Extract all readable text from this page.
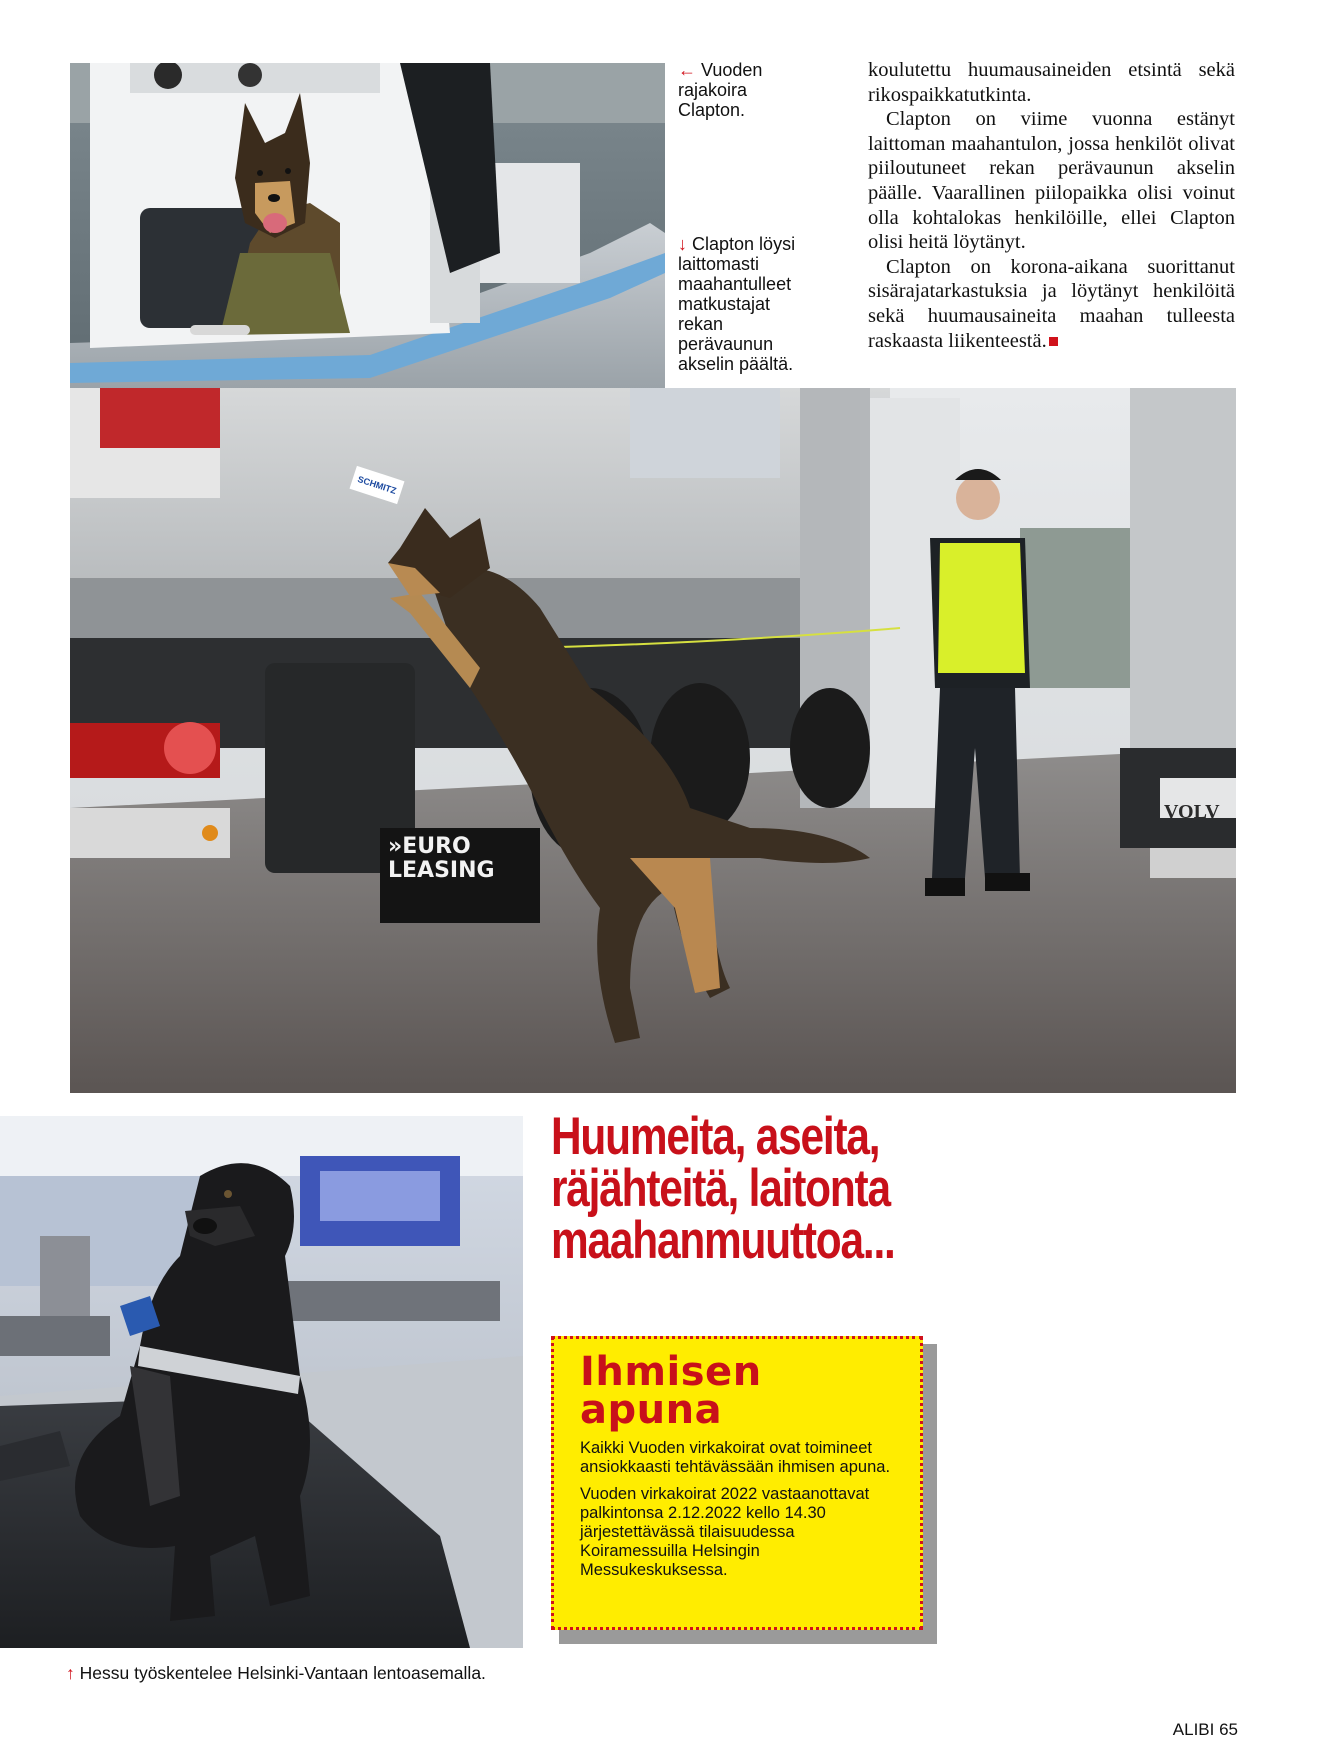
← Vuoden
rajakoira
Clapton.
↓ Clapton löysi
laittomasti
maahantulleet
matkustajat
rekan
perävaunun
akselin päältä.

koulutettu huumausaineiden etsintä sekä rikospaikkatutkinta.

Clapton on viime vuonna estänyt laittoman maahantulon, jossa henkilöt olivat piiloutuneet rekan perävaunun akselin päälle. Vaarallinen piilopaikka olisi voinut olla kohtalokas henkilöille, ellei Clapton olisi heitä löytänyt.

Clapton on korona-aikana suorittanut sisärajatarkastuksia ja löytänyt henkilöitä sekä huumausaineita maahan tulleesta raskaasta liikenteestä.

»EURO
LEASING
SCHMITZ
VOLV
Huumeita, aseita,
räjähteitä, laitonta
maahanmuuttoa...
Ihmisen
apuna

Kaikki Vuoden virkakoirat ovat toimineet ansiokkaasti tehtävässään ihmisen apuna.

Vuoden virkakoirat 2022 vastaanottavat palkintonsa 2.12.2022 kello 14.30 järjestettävässä tilaisuudessa Koiramessuilla Helsingin Messukeskuksessa.

↑ Hessu työskentelee Helsinki-Vantaan lentoasemalla.
ALIBI 65
